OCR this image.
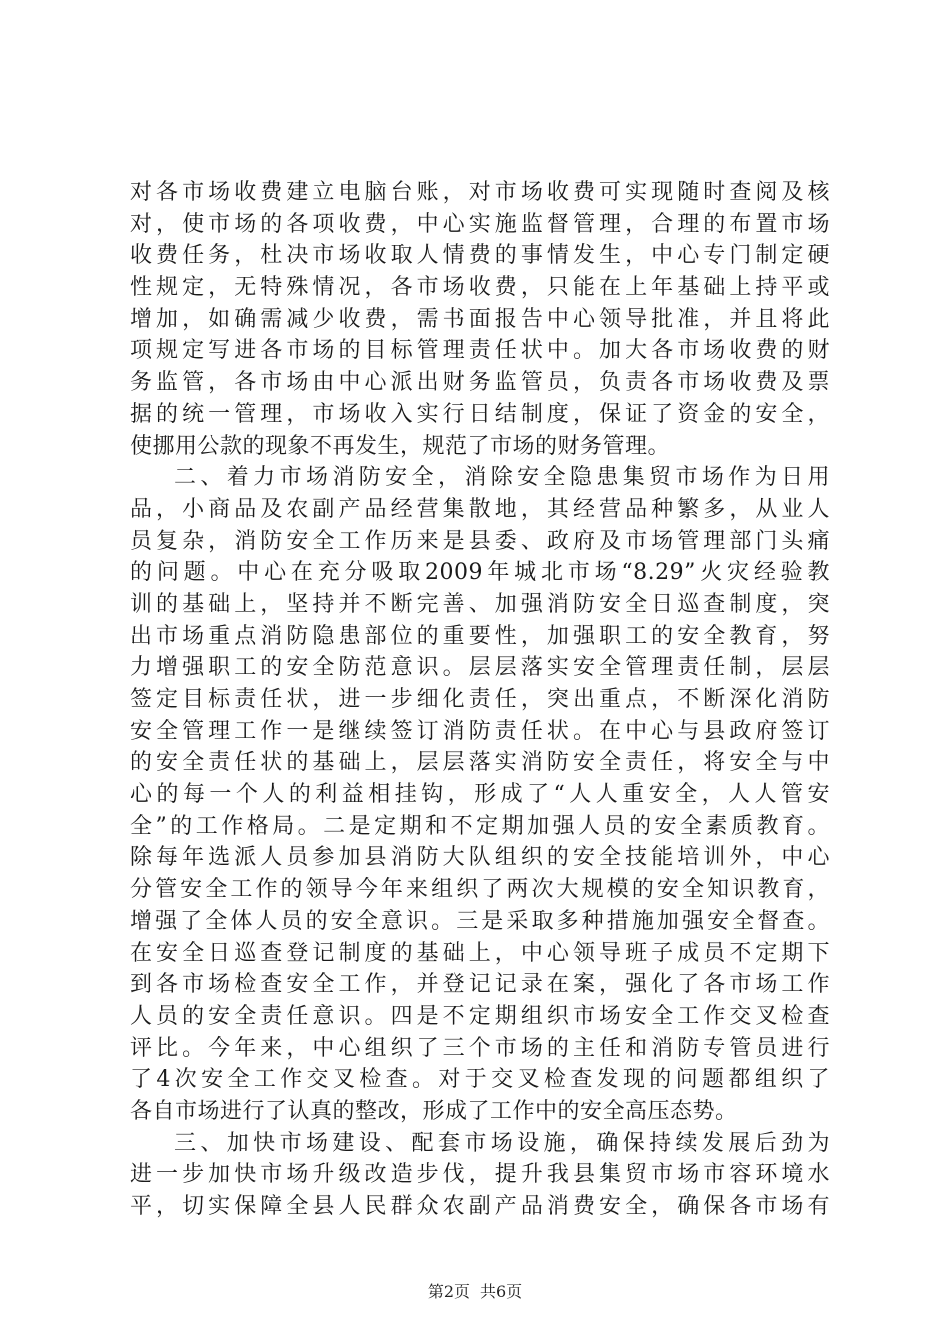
对各市场收费建立电脑台账，对市场收费可实现随时查阅及核
对，使市场的各项收费，中心实施监督管理，合理的布置市场
收费任务，杜决市场收取人情费的事情发生，中心专门制定硬
性规定，无特殊情况，各市场收费，只能在上年基础上持平或
增加，如确需减少收费，需书面报告中心领导批准，并且将此
项规定写进各市场的目标管理责任状中。加大各市场收费的财
务监管，各市场由中心派出财务监管员，负责各市场收费及票
据的统一管理，市场收入实行日结制度，保证了资金的安全，
使挪用公款的现象不再发生，规范了市场的财务管理。
二、着力市场消防安全，消除安全隐患集贸市场作为日用
品，小商品及农副产品经营集散地，其经营品种繁多，从业人
员复杂，消防安全工作历来是县委、政府及市场管理部门头痛
的问题。中心在充分吸取2009年城北市场“8.29”火灾经验教
训的基础上，坚持并不断完善、加强消防安全日巡查制度，突
出市场重点消防隐患部位的重要性，加强职工的安全教育，努
力增强职工的安全防范意识。层层落实安全管理责任制，层层
签定目标责任状，进一步细化责任，突出重点，不断深化消防
安全管理工作一是继续签订消防责任状。在中心与县政府签订
的安全责任状的基础上，层层落实消防安全责任，将安全与中
心的每一个人的利益相挂钩，形成了“人人重安全，人人管安
全”的工作格局。二是定期和不定期加强人员的安全素质教育。
除每年选派人员参加县消防大队组织的安全技能培训外，中心
分管安全工作的领导今年来组织了两次大规模的安全知识教育，
增强了全体人员的安全意识。三是采取多种措施加强安全督查。
在安全日巡查登记制度的基础上，中心领导班子成员不定期下
到各市场检查安全工作，并登记记录在案，强化了各市场工作
人员的安全责任意识。四是不定期组织市场安全工作交叉检查
评比。今年来，中心组织了三个市场的主任和消防专管员进行
了4次安全工作交叉检查。对于交叉检查发现的问题都组织了
各自市场进行了认真的整改，形成了工作中的安全高压态势。
三、加快市场建设、配套市场设施，确保持续发展后劲为
进一步加快市场升级改造步伐，提升我县集贸市场市容环境水
平，切实保障全县人民群众农副产品消费安全，确保各市场有
第2页 共6页
